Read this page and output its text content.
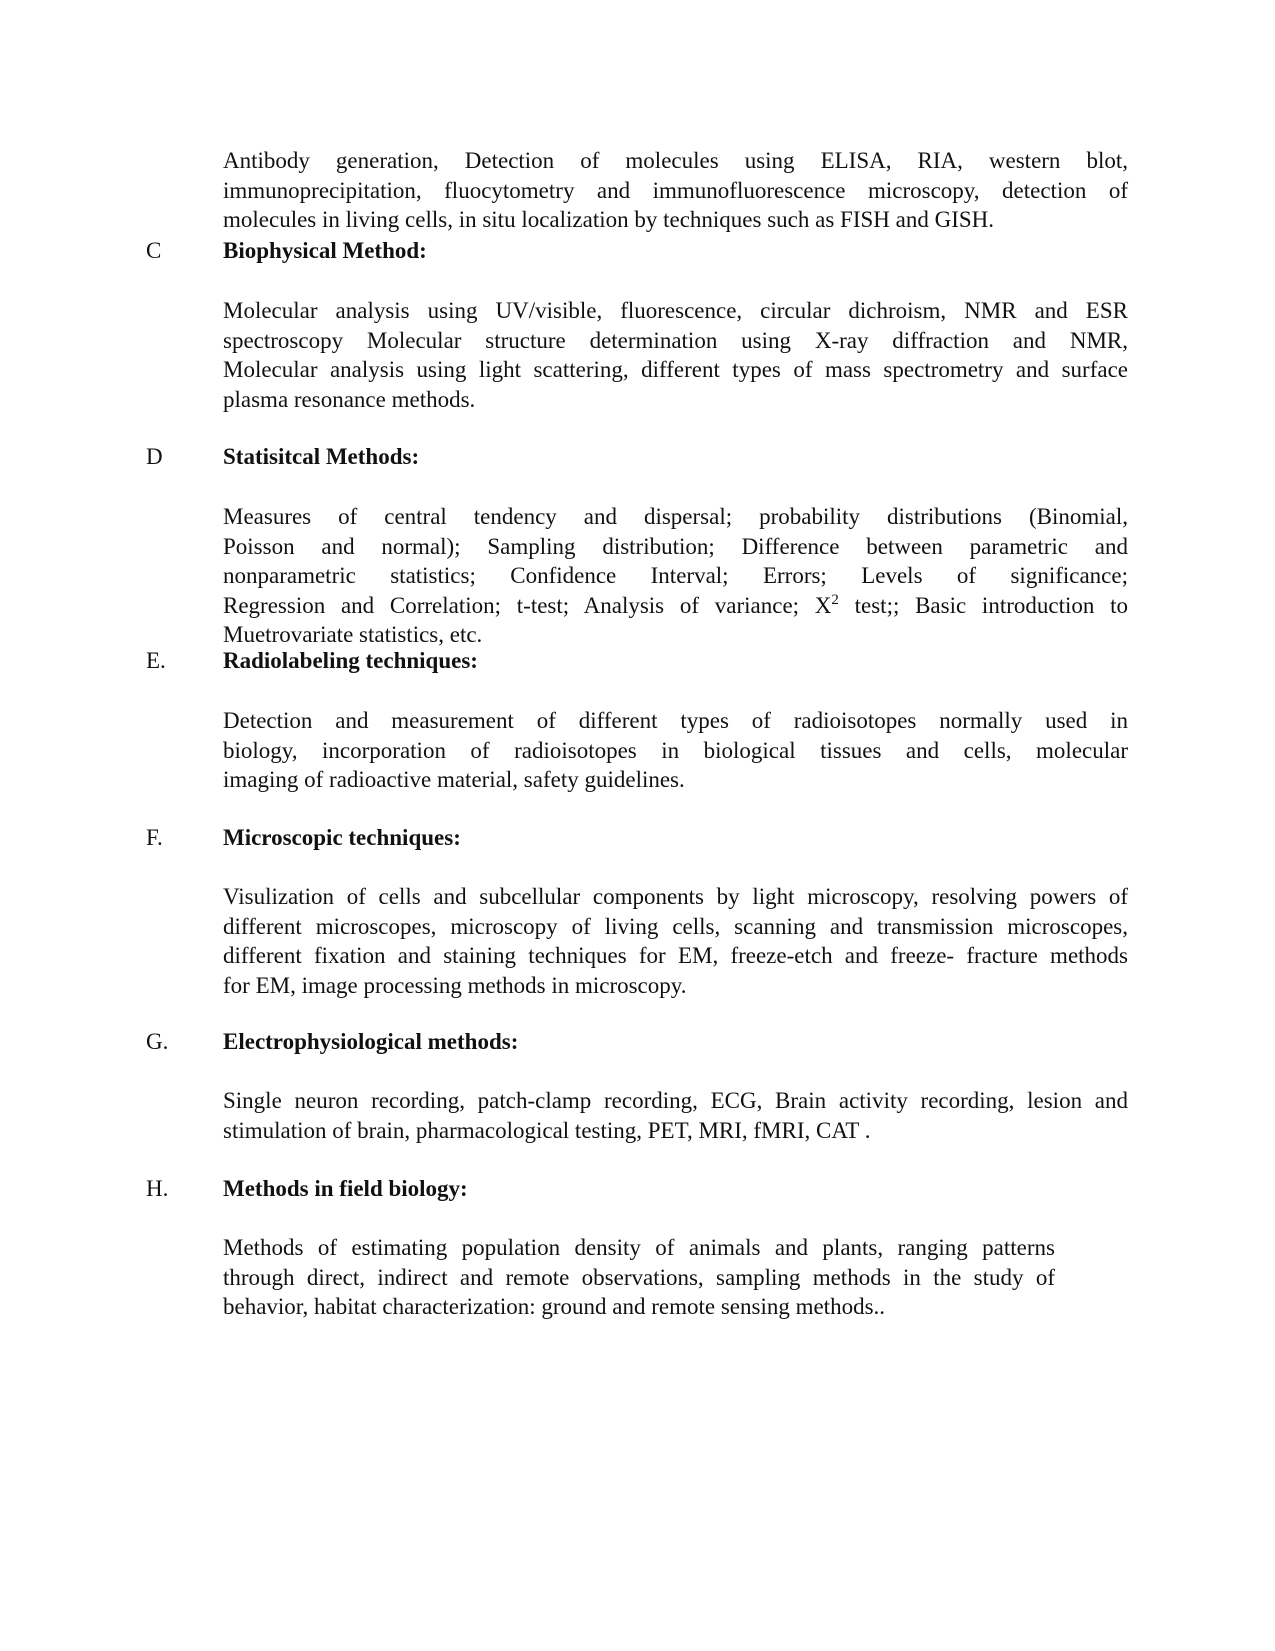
Antibody generation, Detection of molecules using ELISA, RIA, western blot,
immunoprecipitation, fluocytometry and immunofluorescence microscopy, detection of
molecules in living cells, in situ localization by techniques such as FISH and GISH.
C	Biophysical Method:
Molecular analysis using UV/visible, fluorescence, circular dichroism, NMR and ESR
spectroscopy Molecular structure determination using X-ray diffraction and NMR,
Molecular analysis using light scattering, different types of mass spectrometry and surface
plasma resonance methods.
D	Statisitcal Methods:
Measures of central tendency and dispersal; probability distributions (Binomial,
Poisson and normal); Sampling distribution; Difference between parametric and
nonparametric statistics; Confidence Interval; Errors; Levels of significance;
Regression and Correlation; t-test; Analysis of variance; $X^2$ test;; Basic introduction to
Muetrovariate statistics, etc.
E. Radiolabeling techniques:
Detection and measurement of different types of radioisotopes normally used in
biology, incorporation of radioisotopes in biological tissues and cells, molecular
imaging of radioactive material, safety guidelines.
F.	Microscopic techniques:
Visulization of cells and subcellular components by light microscopy, resolving powers of
different microscopes, microscopy of living cells, scanning and transmission microscopes,
different fixation and staining techniques for EM, freeze-etch and freeze- fracture methods
for EM, image processing methods in microscopy.
G. Electrophysiological methods:
Single neuron recording, patch-clamp recording, ECG, Brain activity recording, lesion and
stimulation of brain, pharmacological testing, PET, MRI, fMRI, CAT .
H. Methods in field biology:
Methods of estimating population density of animals and plants, ranging patterns
through direct, indirect and remote observations, sampling methods in the study of
behavior, habitat characterization: ground and remote sensing methods..
